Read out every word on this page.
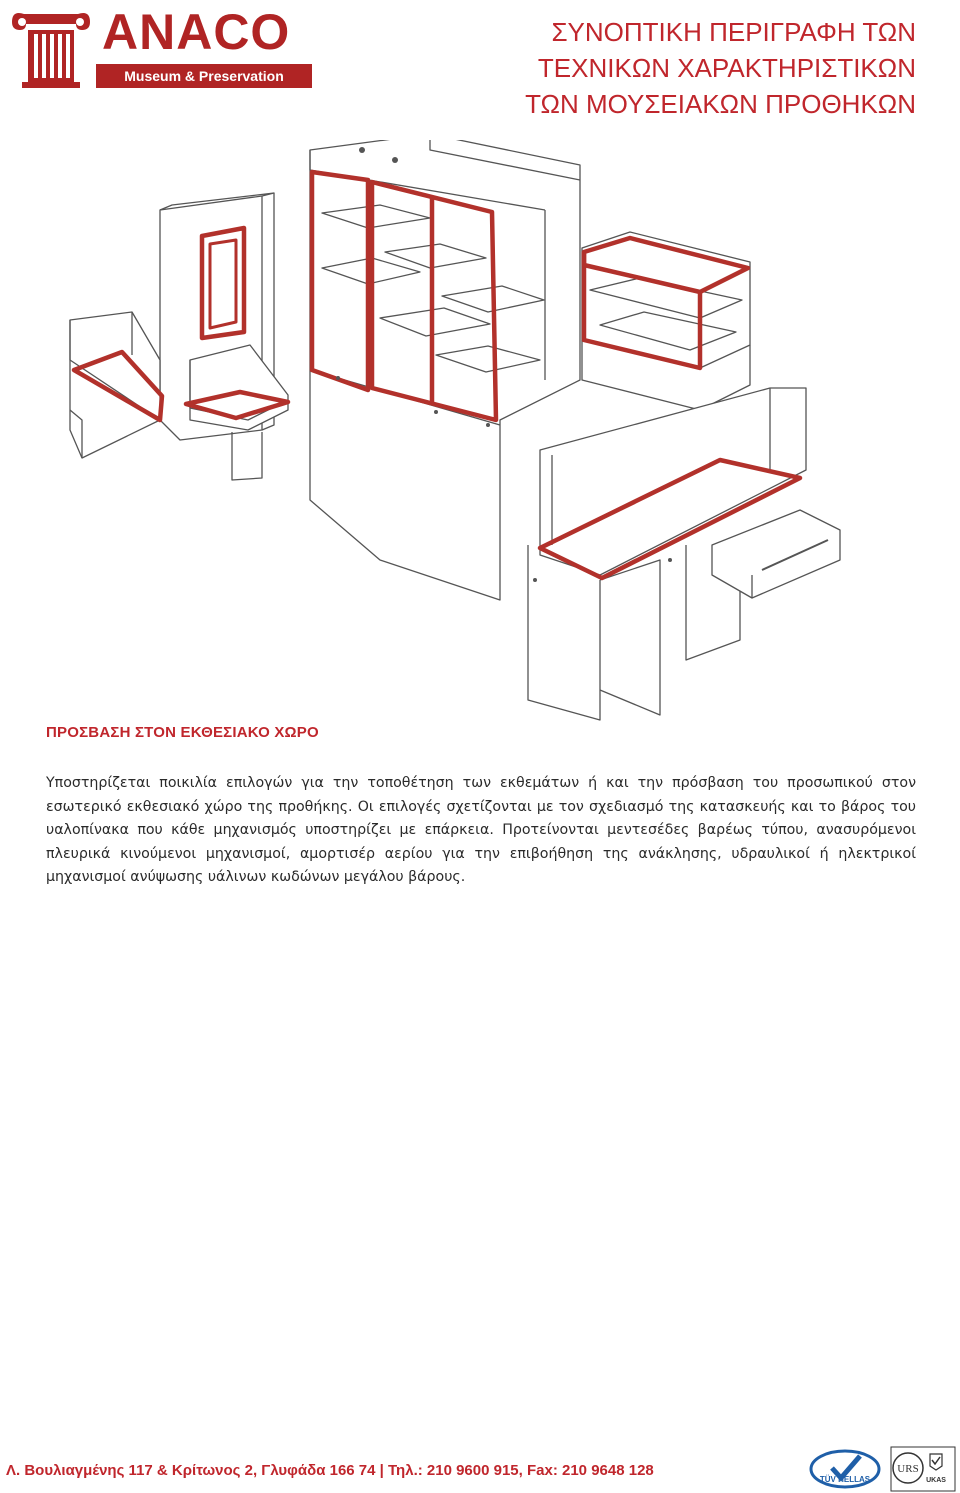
ANACO
Museum & Preservation Systems
ΣΥΝΟΠΤΙΚΗ ΠΕΡΙΓΡΑΦΗ ΤΩΝ
ΤΕΧΝΙΚΩΝ ΧΑΡΑΚΤΗΡΙΣΤΙΚΩΝ
ΤΩΝ ΜΟΥΣΕΙΑΚΩΝ ΠΡΟΘΗΚΩΝ
ΠΡΟΣΒΑΣΗ ΣΤΟΝ ΕΚΘΕΣΙΑΚΟ ΧΩΡΟ

Υποστηρίζεται ποικιλία επιλογών για την τοποθέτηση των εκθεμάτων ή και την πρόσβαση του προσωπικού στον εσωτερικό εκθεσιακό χώρο της προθήκης. Οι επιλογές σχετίζονται με τον σχεδιασμό της κατασκευής και το βάρος του υαλοπίνακα που κάθε μηχανισμός υποστηρίζει με επάρκεια. Προτείνονται μεντεσέδες βαρέως τύπου, ανασυρόμενοι πλευρικά κινούμενοι μηχανισμοί, αμορτισέρ αερίου για την επιβοήθηση της ανάκλησης, υδραυλικοί ή ηλεκτρικοί μηχανισμοί ανύψωσης υάλινων κωδώνων μεγάλου βάρους.

Λ. Βουλιαγμένης 117 & Κρίτωνος 2, Γλυφάδα 166 74 | Τηλ.: 210 9600 915, Fax: 210 9648 128
TÜV HELLAS
URS
UKAS
